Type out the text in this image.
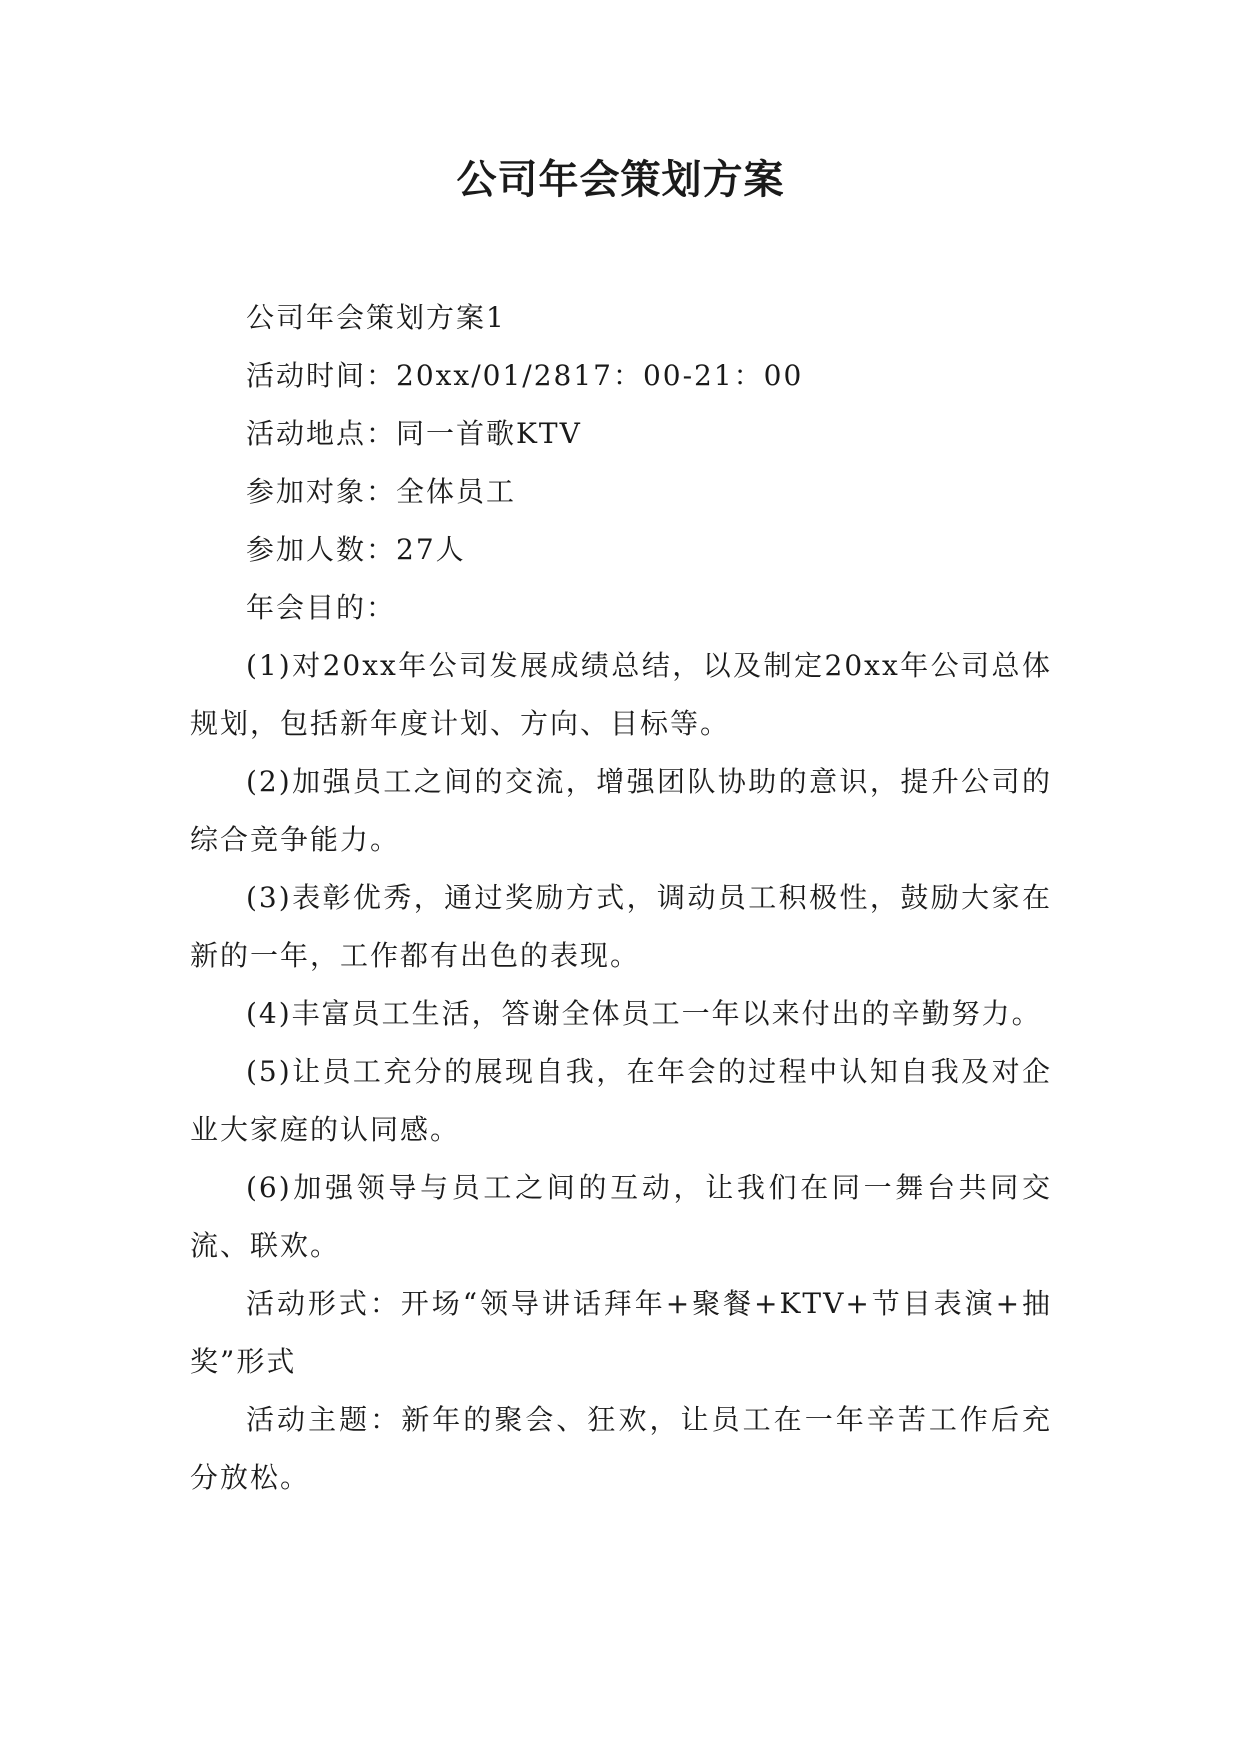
公司年会策划方案

公司年会策划方案1

活动时间：20xx/01/2817：00-21：00

活动地点：同一首歌KTV

参加对象：全体员工

参加人数：27人

年会目的：

(1)对20xx年公司发展成绩总结，以及制定20xx年公司总体规划，包括新年度计划、方向、目标等。

(2)加强员工之间的交流，增强团队协助的意识，提升公司的综合竞争能力。

(3)表彰优秀，通过奖励方式，调动员工积极性，鼓励大家在新的一年，工作都有出色的表现。

(4)丰富员工生活，答谢全体员工一年以来付出的辛勤努力。

(5)让员工充分的展现自我，在年会的过程中认知自我及对企业大家庭的认同感。

(6)加强领导与员工之间的互动，让我们在同一舞台共同交流、联欢。

活动形式：开场“领导讲话拜年+聚餐+KTV+节目表演+抽奖”形式

活动主题：新年的聚会、狂欢，让员工在一年辛苦工作后充分放松。
